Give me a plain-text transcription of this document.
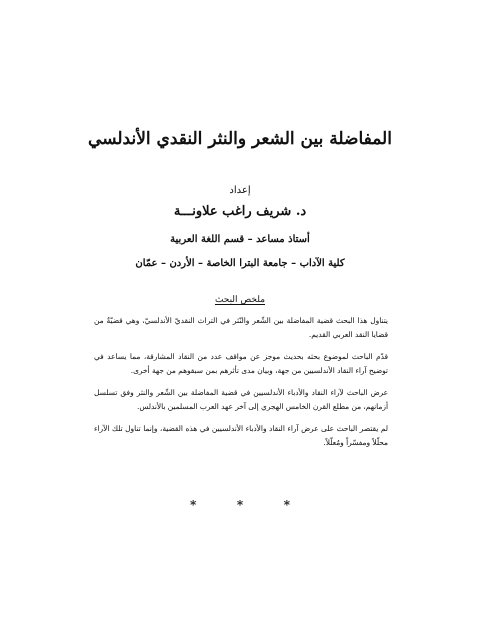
المفاضلة بين الشعر والنثر النقدي الأندلسي
إعداد
د. شريف راغب علاونـــة
أستاذ مساعد – قسم اللغة العربية
كلية الآداب – جامعة البترا الخاصة – الأردن – عمّان
ملخص البحث

يتناول هذا البحث قضية المفاضلة بين الشّعر والنّثر في التراث النقديّ الأندلسيّ، وهي قضيّةٌ من قضايا النقد العربي القديم.

قدّم الباحث لموضوع بحثه بحديث موجز عن مواقف عدد من النقاد المشارقة، مما يساعد في توضيح آراء النقاد الأندلسيين من جهة، وبيان مدى تأثرهم بمن سبقوهم من جهة أخرى.

عرض الباحث لآراء النقاد والأدباء الأندلسيين في قضية المفاضلة بين الشّعر والنثر وفق تسلسل أزمانهم، من مطلع القرن الخامس الهجري إلى آخر عهد العرب المسلمين بالأندلس.

لم يقتصر الباحث على عرض آراء النقاد والأدباء الأندلسيين في هذه القضية، وإنما تناول تلك الآراء محلّلاً ومفسّراً ومُعلّلاً.

*	*	*
